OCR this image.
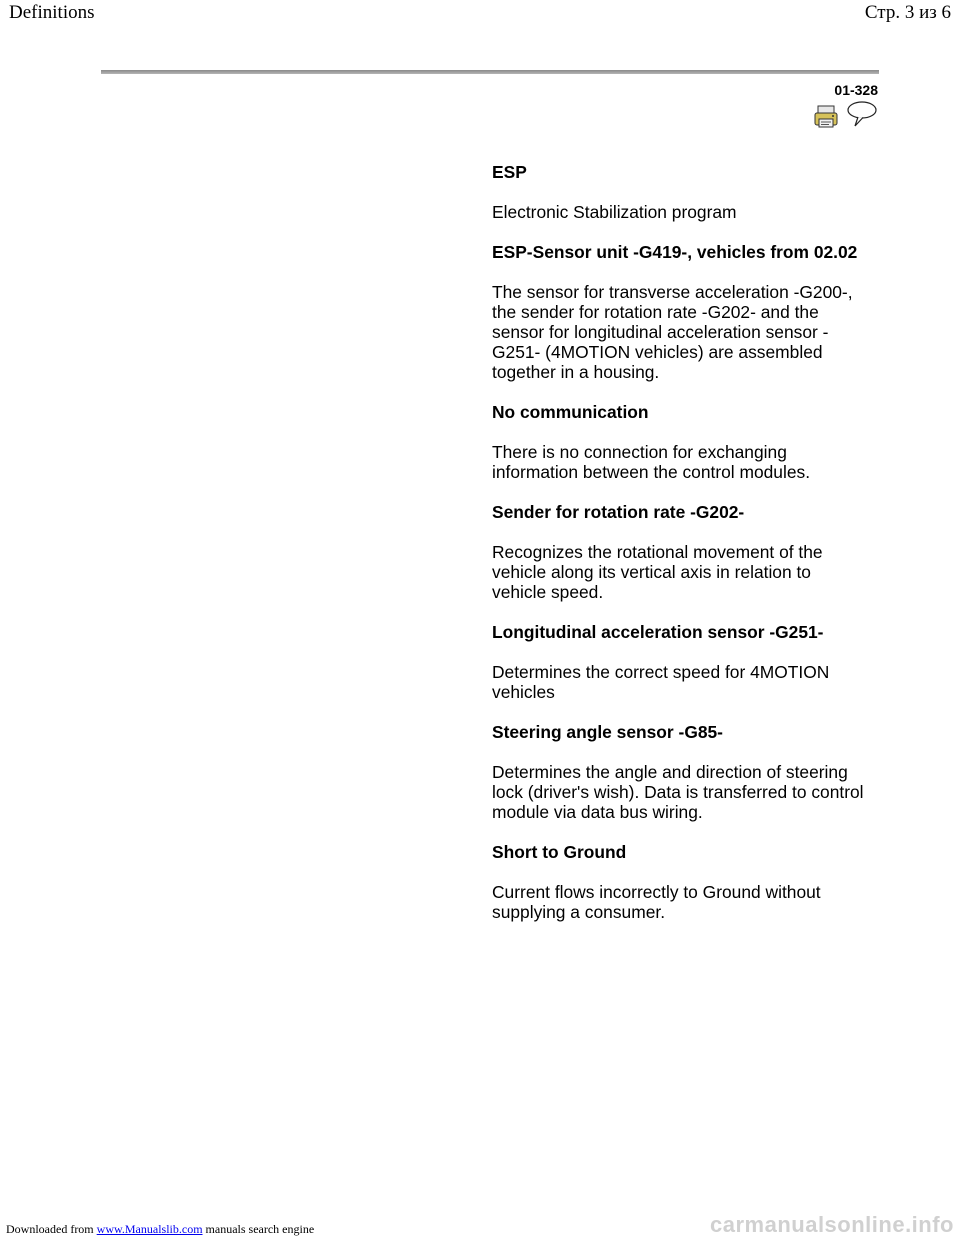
Definitions	Стр. 3 из 6
01-328

ESP

Electronic Stabilization program

ESP-Sensor unit -G419-, vehicles from 02.02

The sensor for transverse acceleration -G200-, the sender for rotation rate -G202- and the sensor for longitudinal acceleration sensor -G251- (4MOTION vehicles) are assembled together in a housing.

No communication

There is no connection for exchanging information between the control modules.

Sender for rotation rate -G202-

Recognizes the rotational movement of the vehicle along its vertical axis in relation to vehicle speed.

Longitudinal acceleration sensor -G251-

Determines the correct speed for 4MOTION vehicles

Steering angle sensor -G85-

Determines the angle and direction of steering lock (driver's wish). Data is transferred to control module via data bus wiring.

Short to Ground

Current flows incorrectly to Ground without supplying a consumer.

Downloaded from www.Manualslib.com manuals search engine	carmanualsonline.info
